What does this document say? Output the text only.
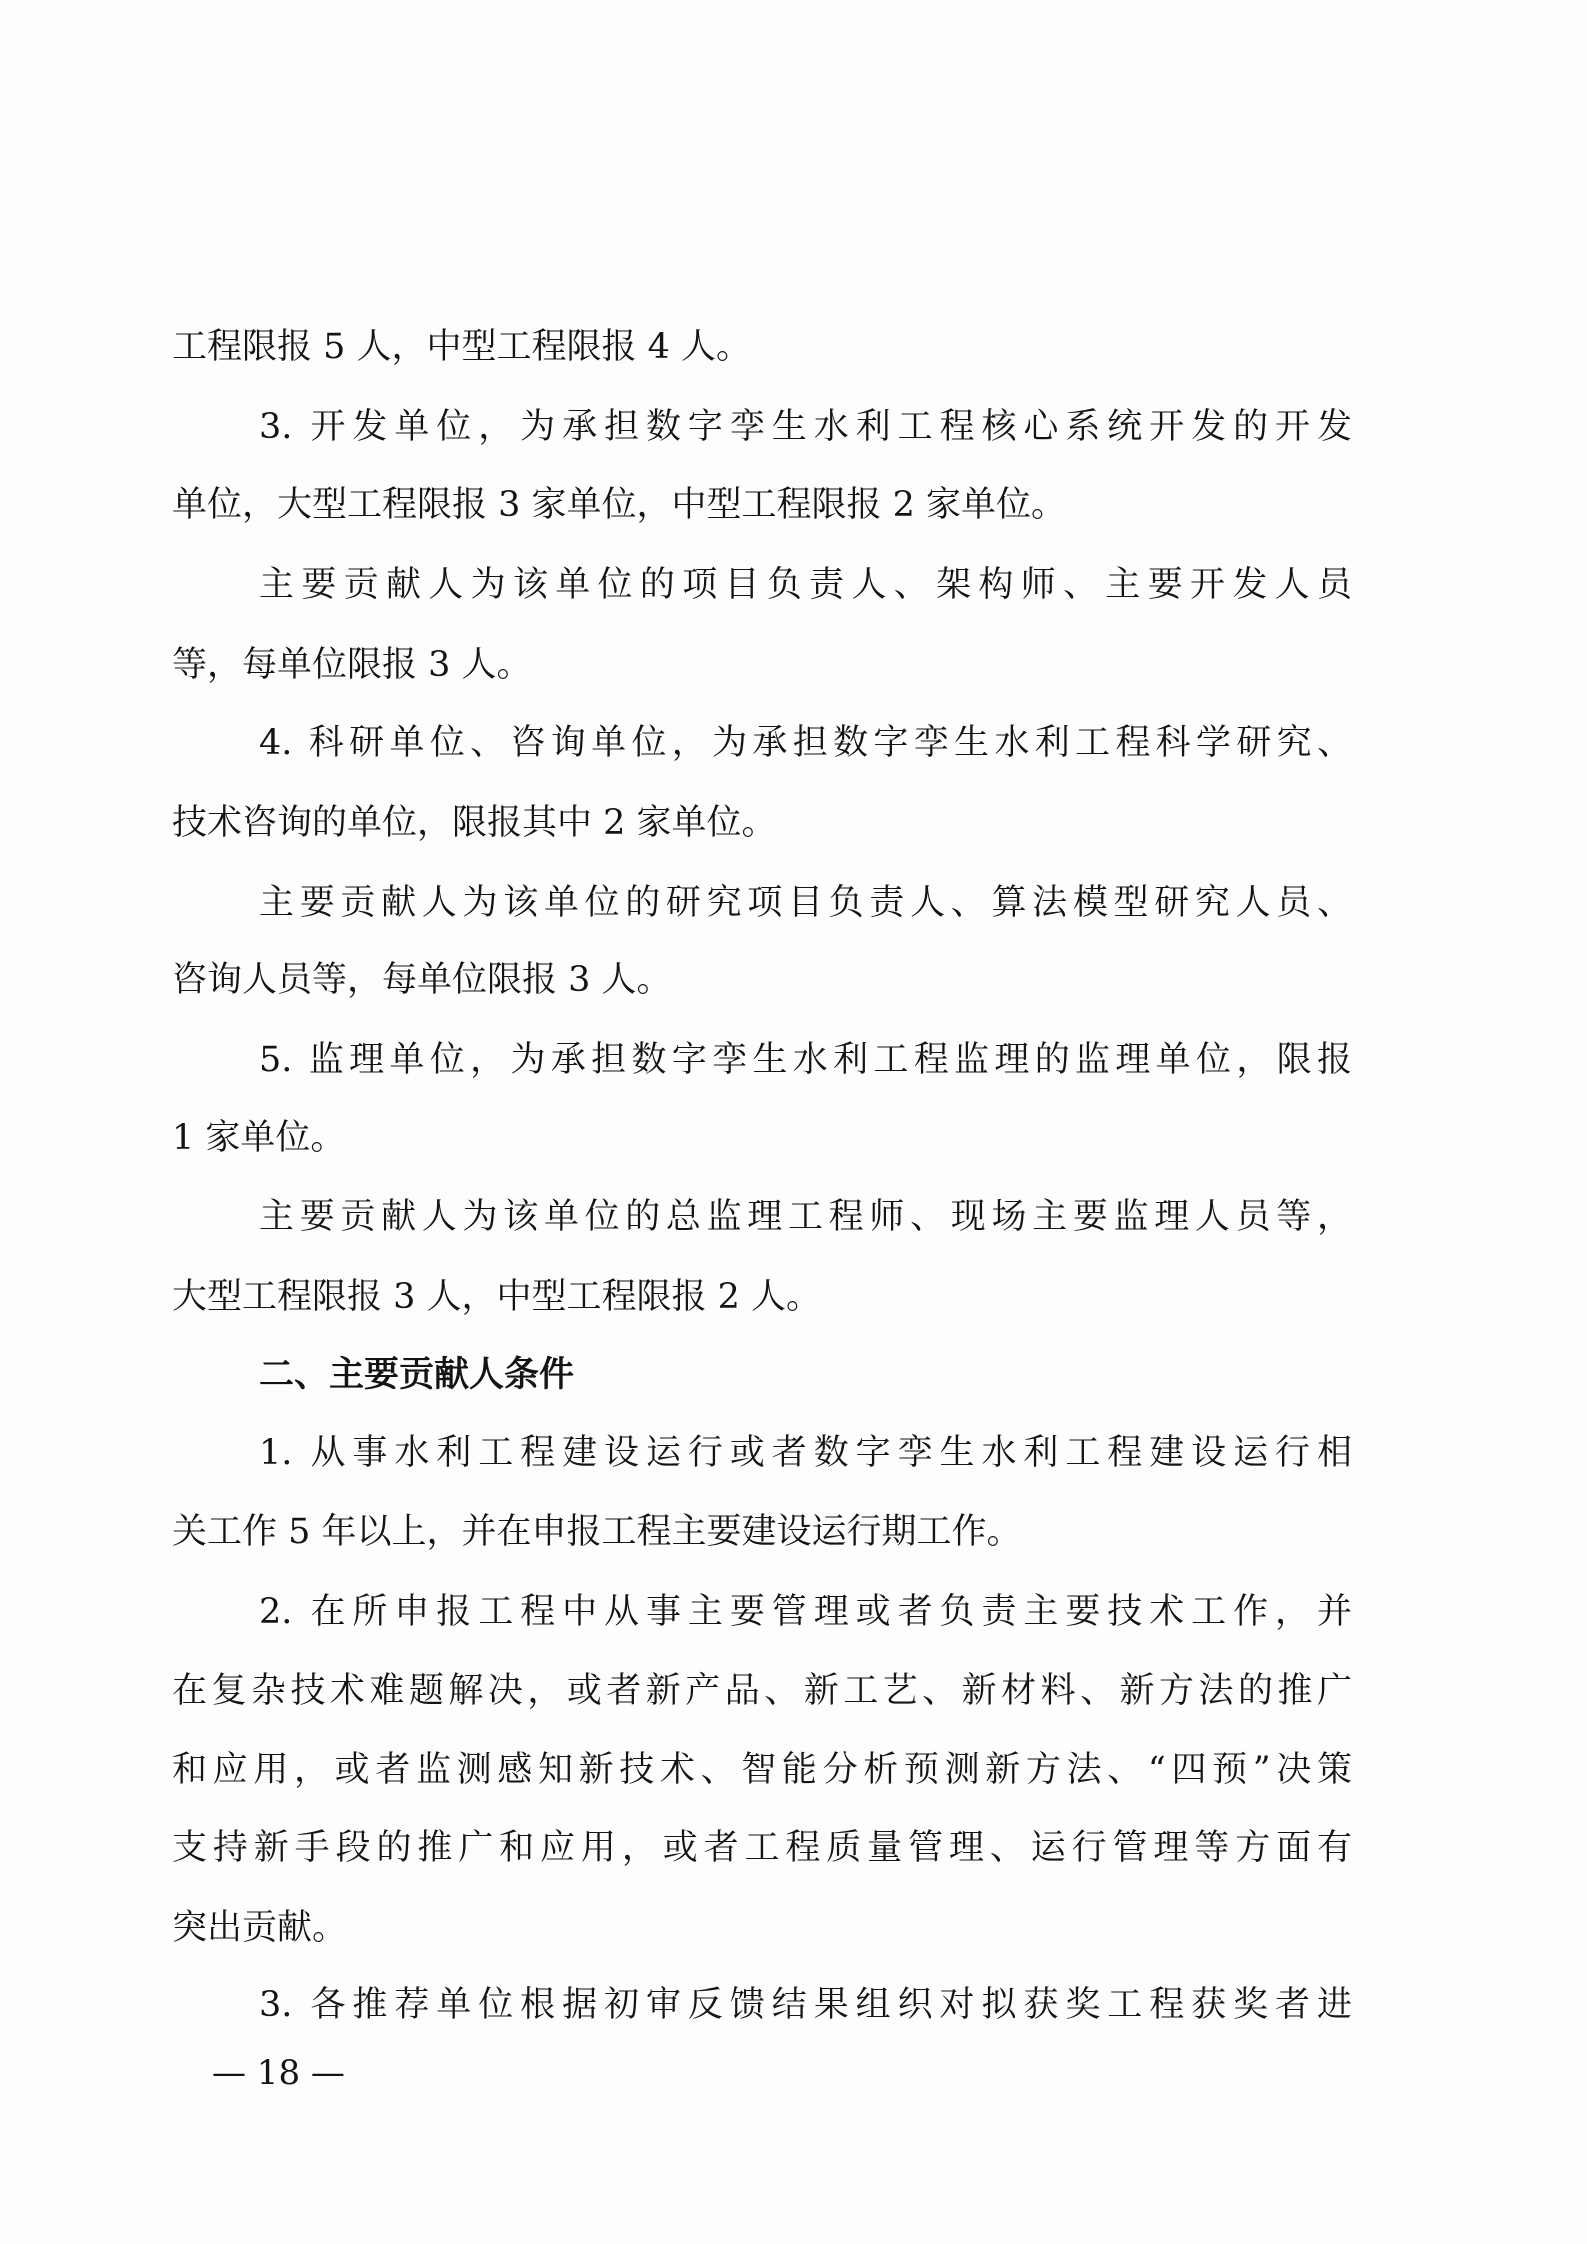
工程限报 5 人，中型工程限报 4 人。
3. 开发单位，为承担数字孪生水利工程核心系统开发的开发
单位，大型工程限报 3 家单位，中型工程限报 2 家单位。
主要贡献人为该单位的项目负责人、架构师、主要开发人员
等，每单位限报 3 人。
4. 科研单位、咨询单位，为承担数字孪生水利工程科学研究、
技术咨询的单位，限报其中 2 家单位。
主要贡献人为该单位的研究项目负责人、算法模型研究人员、
咨询人员等，每单位限报 3 人。
5. 监理单位，为承担数字孪生水利工程监理的监理单位，限报
1 家单位。
主要贡献人为该单位的总监理工程师、现场主要监理人员等，
大型工程限报 3 人，中型工程限报 2 人。
二、主要贡献人条件
1. 从事水利工程建设运行或者数字孪生水利工程建设运行相
关工作 5 年以上，并在申报工程主要建设运行期工作。
2. 在所申报工程中从事主要管理或者负责主要技术工作，并
在复杂技术难题解决，或者新产品、新工艺、新材料、新方法的推广
和应用，或者监测感知新技术、智能分析预测新方法、“四预”决策
支持新手段的推广和应用，或者工程质量管理、运行管理等方面有
突出贡献。
3. 各推荐单位根据初审反馈结果组织对拟获奖工程获奖者进
— 18 —
